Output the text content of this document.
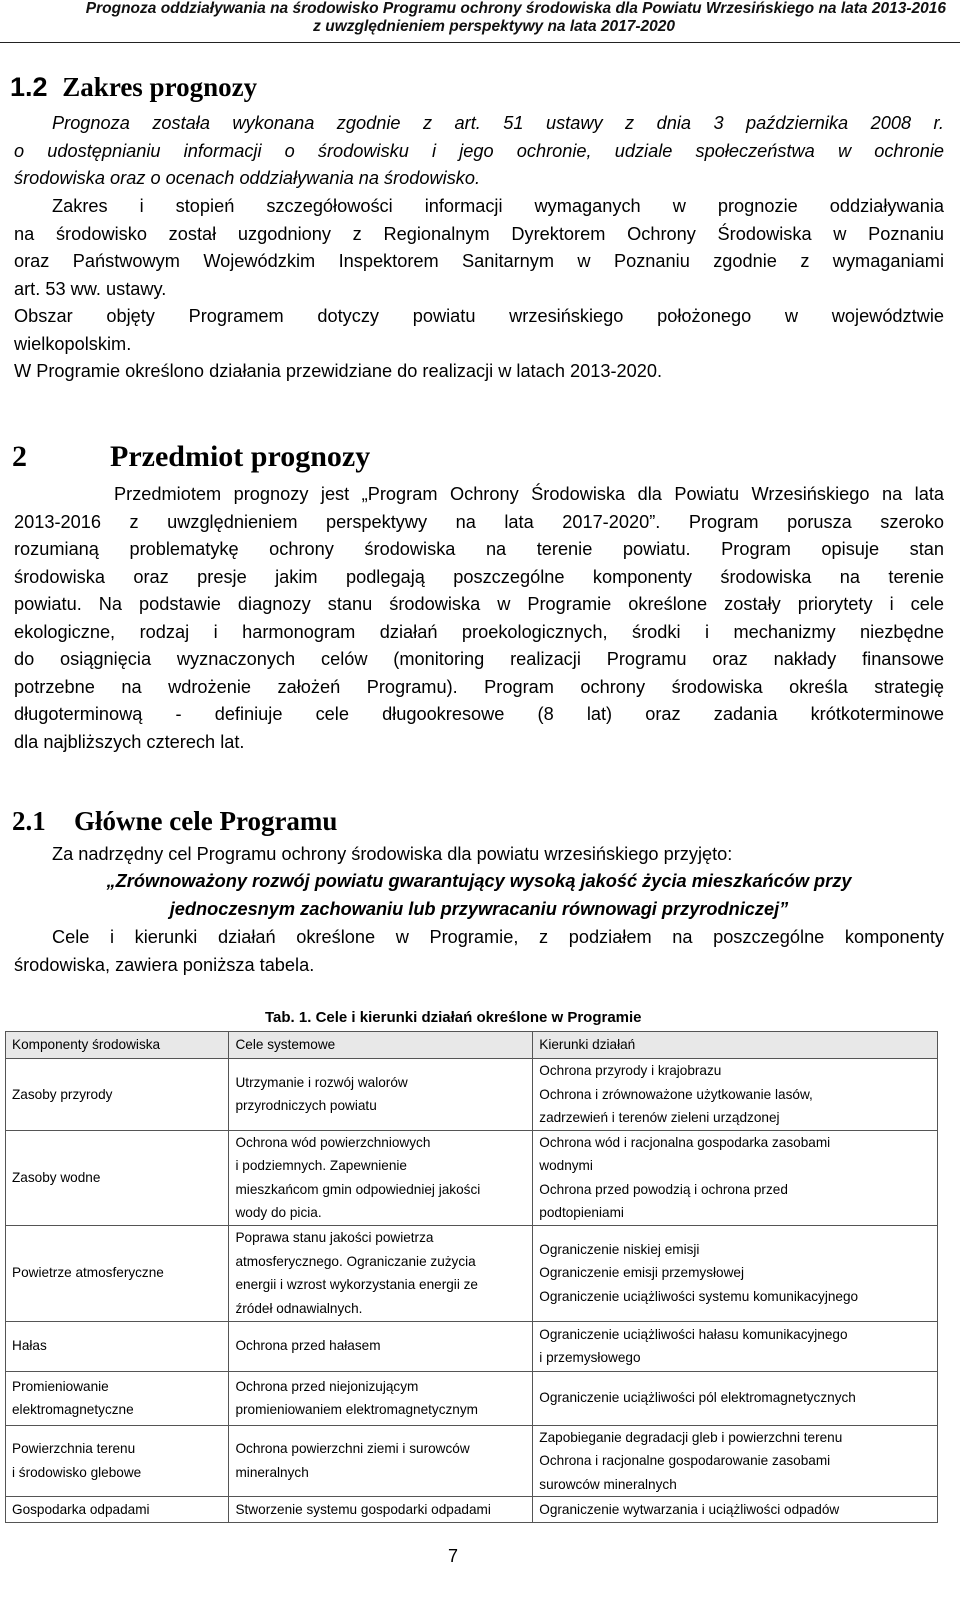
Prognoza oddziaływania na środowisko Programu ochrony środowiska dla Powiatu Wrzesińskiego na lata 2013-2016
z uwzględnieniem perspektywy na lata 2017-2020
1.2 Zakres prognozy
Prognoza została wykonana zgodnie z art. 51 ustawy z dnia 3 października 2008 r.
o udostępnianiu informacji o środowisku i jego ochronie, udziale społeczeństwa w ochronie
środowiska oraz o ocenach oddziaływania na środowisko.
Zakres i stopień szczegółowości informacji wymaganych w prognozie oddziaływania
na środowisko został uzgodniony z Regionalnym Dyrektorem Ochrony Środowiska w Poznaniu
oraz Państwowym Wojewódzkim Inspektorem Sanitarnym w Poznaniu zgodnie z wymaganiami
art. 53 ww. ustawy.
Obszar objęty Programem dotyczy powiatu wrzesińskiego położonego w województwie
wielkopolskim.
W Programie określono działania przewidziane do realizacji w latach 2013-2020.
2	Przedmiot prognozy
Przedmiotem prognozy jest „Program Ochrony Środowiska dla Powiatu Wrzesińskiego na lata
2013-2016 z uwzględnieniem perspektywy na lata 2017-2020”. Program porusza szeroko
rozumianą problematykę ochrony środowiska na terenie powiatu. Program opisuje stan
środowiska oraz presje jakim podlegają poszczególne komponenty środowiska na terenie
powiatu. Na podstawie diagnozy stanu środowiska w Programie określone zostały priorytety i cele
ekologiczne, rodzaj i harmonogram działań proekologicznych, środki i mechanizmy niezbędne
do osiągnięcia wyznaczonych celów (monitoring realizacji Programu oraz nakłady finansowe
potrzebne na wdrożenie założeń Programu). Program ochrony środowiska określa strategię
długoterminową - definiuje cele długookresowe (8 lat) oraz zadania krótkoterminowe
dla najbliższych czterech lat.
2.1 Główne cele Programu
Za nadrzędny cel Programu ochrony środowiska dla powiatu wrzesińskiego przyjęto:
„Zrównoważony rozwój powiatu gwarantujący wysoką jakość życia mieszkańców przy
jednoczesnym zachowaniu lub przywracaniu równowagi przyrodniczej”
Cele i kierunki działań określone w Programie, z podziałem na poszczególne komponenty
środowiska, zawiera poniższa tabela.
Tab. 1. Cele i kierunki działań określone w Programie
Komponenty środowiska	Cele systemowe	Kierunki działań

Zasoby przyrody	Utrzymanie i rozwój walorów
przyrodniczych powiatu	Ochrona przyrody i krajobrazu
Ochrona i zrównoważone użytkowanie lasów,
zadrzewień i terenów zieleni urządzonej

Zasoby wodne	Ochrona wód powierzchniowych
i podziemnych. Zapewnienie
mieszkańcom gmin odpowiedniej jakości
wody do picia.	Ochrona wód i racjonalna gospodarka zasobami
wodnymi
Ochrona przed powodzią i ochrona przed
podtopieniami

Powietrze atmosferyczne	Poprawa stanu jakości powietrza
atmosferycznego. Ograniczanie zużycia
energii i wzrost wykorzystania energii ze
źródeł odnawialnych.	Ograniczenie niskiej emisji
Ograniczenie emisji przemysłowej
Ograniczenie uciążliwości systemu komunikacyjnego

Hałas	Ochrona przed hałasem	Ograniczenie uciążliwości hałasu komunikacyjnego
i przemysłowego

Promieniowanie
elektromagnetyczne	Ochrona przed niejonizującym
promieniowaniem elektromagnetycznym	Ograniczenie uciążliwości pól elektromagnetycznych

Powierzchnia terenu
i środowisko glebowe	Ochrona powierzchni ziemi i surowców
mineralnych	Zapobieganie degradacji gleb i powierzchni terenu
Ochrona i racjonalne gospodarowanie zasobami
surowców mineralnych

Gospodarka odpadami	Stworzenie systemu gospodarki odpadami	Ograniczenie wytwarzania i uciążliwości odpadów
7
